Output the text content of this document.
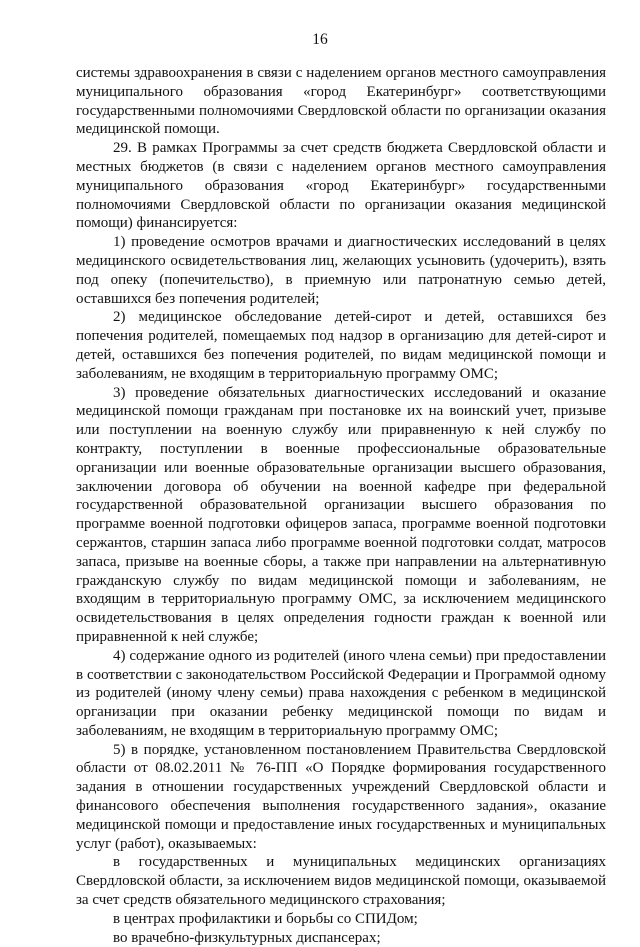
16

системы здравоохранения в связи с наделением органов местного самоуправления муниципального образования «город Екатеринбург» соответствующими государственными полномочиями Свердловской области по организации оказания медицинской помощи.

29. В рамках Программы за счет средств бюджета Свердловской области и местных бюджетов (в связи с наделением органов местного самоуправления муниципального образования «город Екатеринбург» государственными полномочиями Свердловской области по организации оказания медицинской помощи) финансируется:

1) проведение осмотров врачами и диагностических исследований в целях медицинского освидетельствования лиц, желающих усыновить (удочерить), взять под опеку (попечительство), в приемную или патронатную семью детей, оставшихся без попечения родителей;

2) медицинское обследование детей-сирот и детей, оставшихся без попечения родителей, помещаемых под надзор в организацию для детей-сирот и детей, оставшихся без попечения родителей, по видам медицинской помощи и заболеваниям, не входящим в территориальную программу ОМС;

3) проведение обязательных диагностических исследований и оказание медицинской помощи гражданам при постановке их на воинский учет, призыве или поступлении на военную службу или приравненную к ней службу по контракту, поступлении в военные профессиональные образовательные организации или военные образовательные организации высшего образования, заключении договора об обучении на военной кафедре при федеральной государственной образовательной организации высшего образования по программе военной подготовки офицеров запаса, программе военной подготовки сержантов, старшин запаса либо программе военной подготовки солдат, матросов запаса, призыве на военные сборы, а также при направлении на альтернативную гражданскую службу по видам медицинской помощи и заболеваниям, не входящим в территориальную программу ОМС, за исключением медицинского освидетельствования в целях определения годности граждан к военной или приравненной к ней службе;

4) содержание одного из родителей (иного члена семьи) при предоставлении в соответствии с законодательством Российской Федерации и Программой одному из родителей (иному члену семьи) права нахождения с ребенком в медицинской организации при оказании ребенку медицинской помощи по видам и заболеваниям, не входящим в территориальную программу ОМС;

5) в порядке, установленном постановлением Правительства Свердловской области от 08.02.2011 № 76-ПП «О Порядке формирования государственного задания в отношении государственных учреждений Свердловской области и финансового обеспечения выполнения государственного задания», оказание медицинской помощи и предоставление иных государственных и муниципальных услуг (работ), оказываемых:

в государственных и муниципальных медицинских организациях Свердловской области, за исключением видов медицинской помощи, оказываемой за счет средств обязательного медицинского страхования;

в центрах профилактики и борьбы со СПИДом;

во врачебно-физкультурных диспансерах;
